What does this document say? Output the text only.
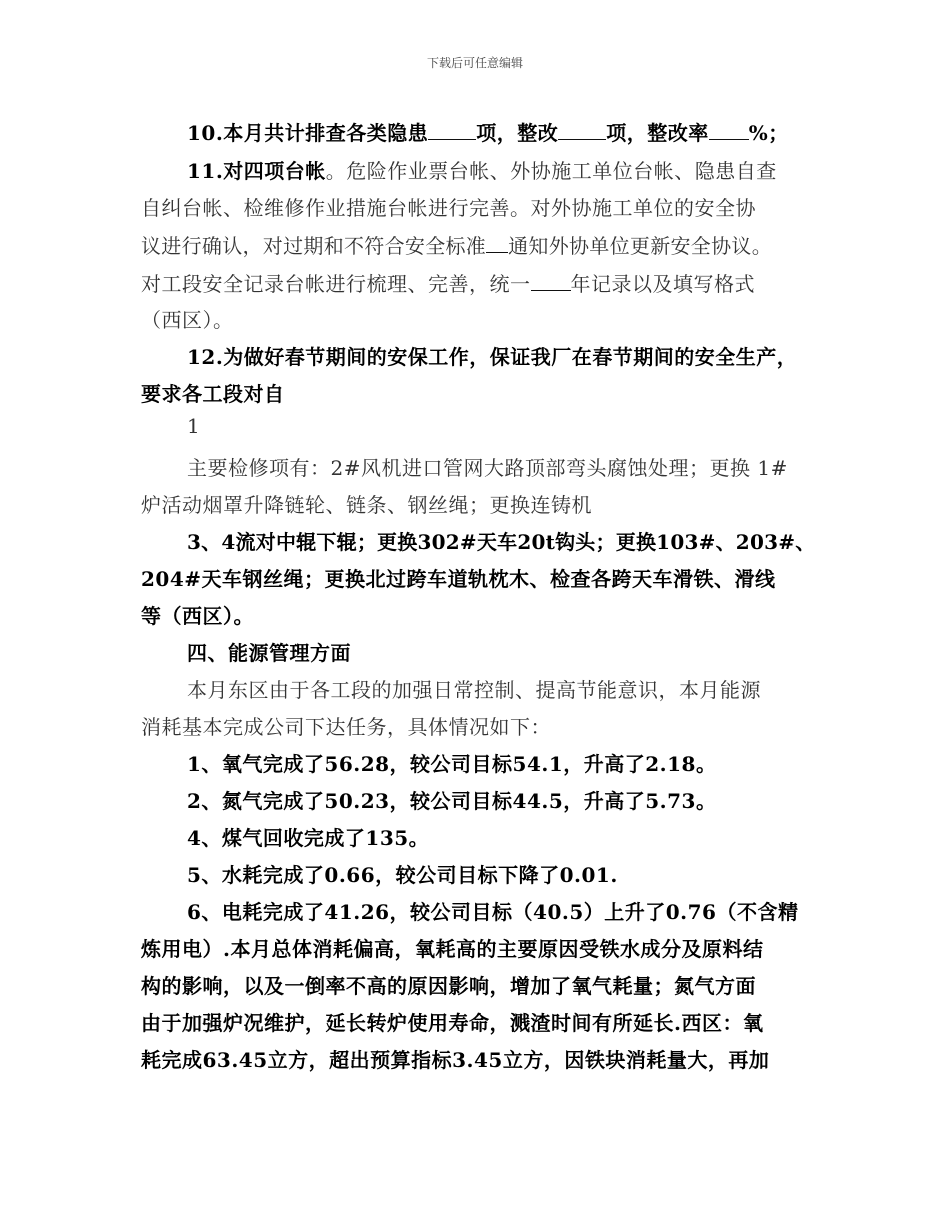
下载后可任意编辑
10.本月共计排查各类隐患 项，整改 项，整改率 %；
11.对四项台帐。危险作业票台帐、外协施工单位台帐、隐患自查
自纠台帐、检维修作业措施台帐进行完善。对外协施工单位的安全协
议进行确认，对过期和不符合安全标准 通知外协单位更新安全协议。
对工段安全记录台帐进行梳理、完善，统一 年记录以及填写格式
（西区）。
12.为做好春节期间的安保工作，保证我厂在春节期间的安全生产，
要求各工段对自
1
主要检修项有：2#风机进口管网大路顶部弯头腐蚀处理；更换 1#
炉活动烟罩升降链轮、链条、钢丝绳；更换连铸机
3、4流对中辊下辊；更换302#天车20t钩头；更换103#、203#、
204#天车钢丝绳；更换北过跨车道轨枕木、检查各跨天车滑铁、滑线
等（西区）。
四、能源管理方面
本月东区由于各工段的加强日常控制、提高节能意识，本月能源
消耗基本完成公司下达任务，具体情况如下：
1、氧气完成了56.28，较公司目标54.1，升高了2.18。
2、氮气完成了50.23，较公司目标44.5，升高了5.73。
4、煤气回收完成了135。
5、水耗完成了0.66，较公司目标下降了0.01.
6、电耗完成了41.26，较公司目标（40.5）上升了0.76（不含精
炼用电）.本月总体消耗偏高，氧耗高的主要原因受铁水成分及原料结
构的影响，以及一倒率不高的原因影响，增加了氧气耗量；氮气方面
由于加强炉况维护，延长转炉使用寿命，溅渣时间有所延长.西区：氧
耗完成63.45立方，超出预算指标3.45立方，因铁块消耗量大，再加
